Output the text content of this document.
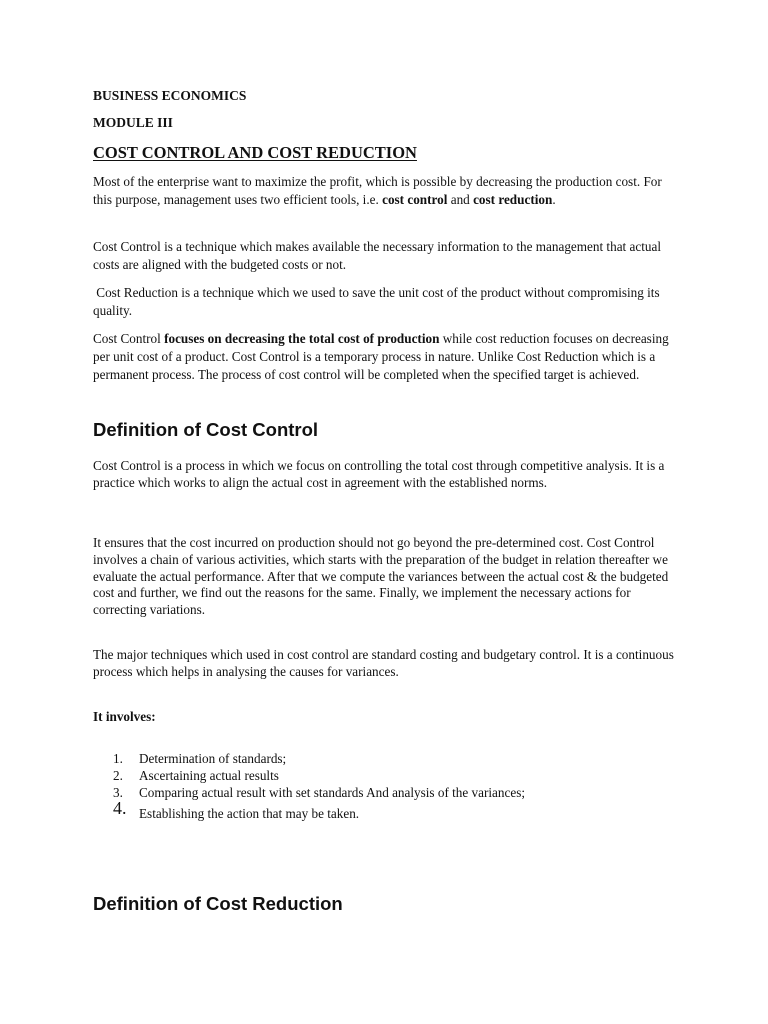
BUSINESS ECONOMICS
MODULE III
COST CONTROL AND COST REDUCTION

Most of the enterprise want to maximize the profit, which is possible by decreasing the production cost. For this purpose, management uses two efficient tools, i.e. cost control and cost reduction.

Cost Control is a technique which makes available the necessary information to the management that actual costs are aligned with the budgeted costs or not.

Cost Reduction is a technique which we used to save the unit cost of the product without compromising its quality.

Cost Control focuses on decreasing the total cost of production while cost reduction focuses on decreasing per unit cost of a product. Cost Control is a temporary process in nature. Unlike Cost Reduction which is a permanent process. The process of cost control will be completed when the specified target is achieved.

Definition of Cost Control

Cost Control is a process in which we focus on controlling the total cost through competitive analysis. It is a practice which works to align the actual cost in agreement with the established norms.

It ensures that the cost incurred on production should not go beyond the pre-determined cost. Cost Control involves a chain of various activities, which starts with the preparation of the budget in relation thereafter we evaluate the actual performance. After that we compute the variances between the actual cost & the budgeted cost and further, we find out the reasons for the same. Finally, we implement the necessary actions for correcting variations.

The major techniques which used in cost control are standard costing and budgetary control. It is a continuous process which helps in analysing the causes for variances.

It involves:
1. Determination of standards;
2. Ascertaining actual results
3. Comparing actual result with set standards And analysis of the variances;
4. Establishing the action that may be taken.
Definition of Cost Reduction
